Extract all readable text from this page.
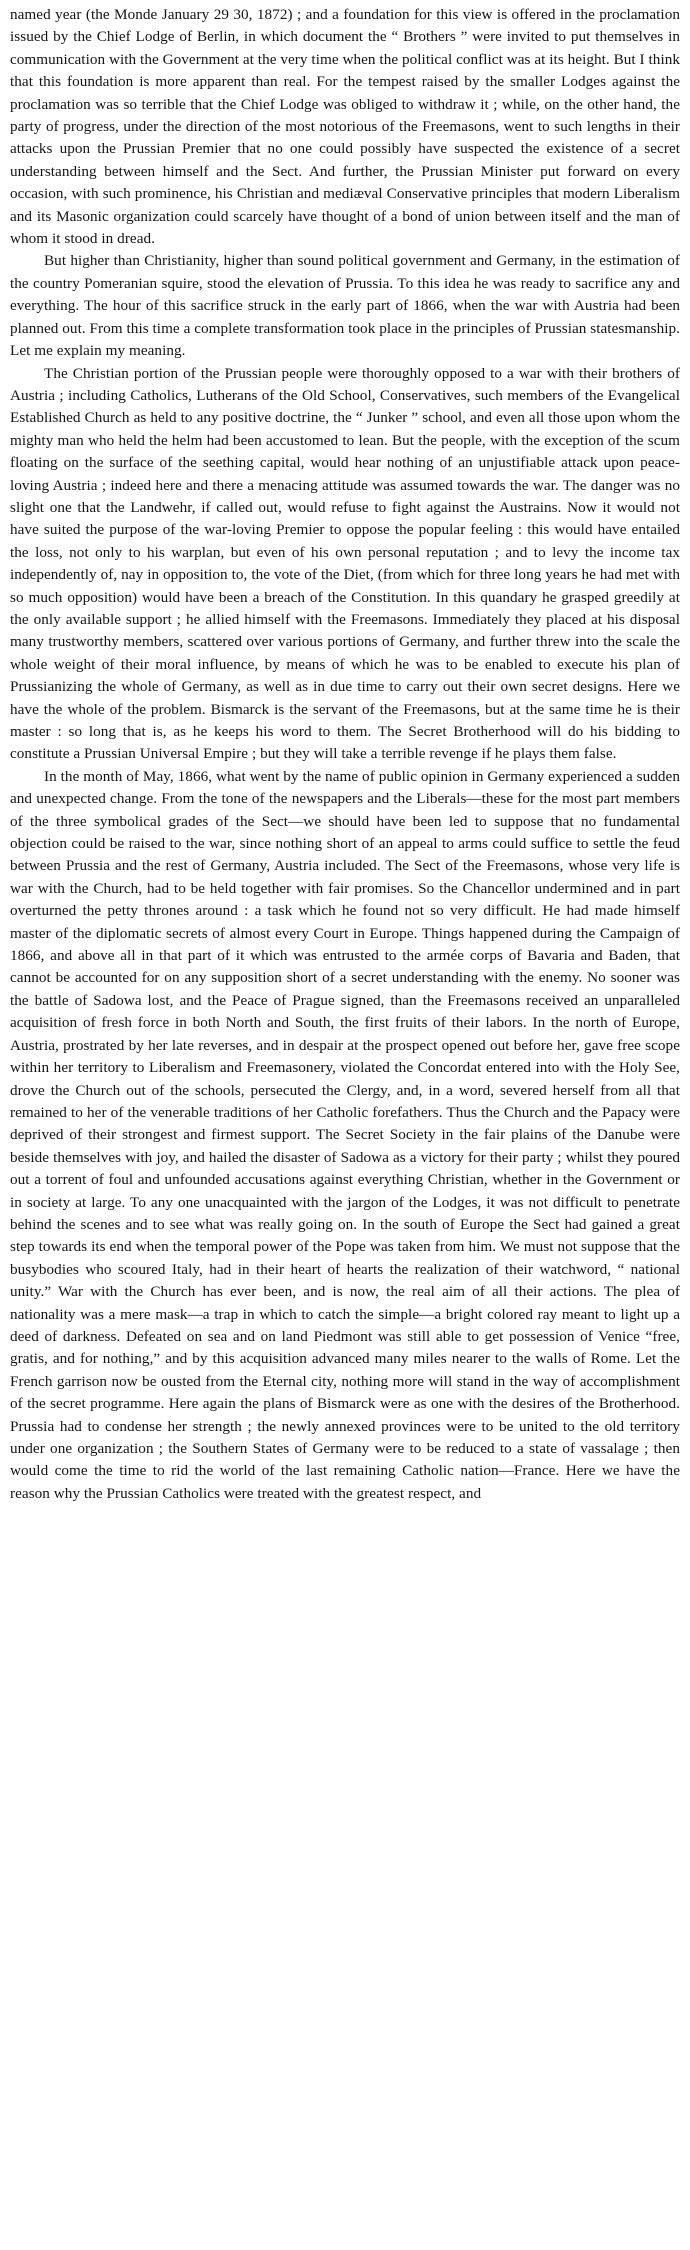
named year (the Monde January 29 30, 1872) ; and a foundation for this view is offered in the proclamation issued by the Chief Lodge of Berlin, in which document the “ Brothers ” were invited to put themselves in communication with the Government at the very time when the political conflict was at its height. But I think that this foundation is more apparent than real. For the tempest raised by the smaller Lodges against the proclamation was so terrible that the Chief Lodge was obliged to withdraw it ; while, on the other hand, the party of progress, under the direction of the most notorious of the Freemasons, went to such lengths in their attacks upon the Prussian Premier that no one could possibly have suspected the existence of a secret understanding between himself and the Sect. And further, the Prussian Minister put forward on every occasion, with such prominence, his Christian and mediæval Conservative principles that modern Liberalism and its Masonic organization could scarcely have thought of a bond of union between itself and the man of whom it stood in dread.

But higher than Christianity, higher than sound political government and Germany, in the estimation of the country Pomeranian squire, stood the elevation of Prussia. To this idea he was ready to sacrifice any and everything. The hour of this sacrifice struck in the early part of 1866, when the war with Austria had been planned out. From this time a complete transformation took place in the principles of Prussian statesmanship. Let me explain my meaning.

The Christian portion of the Prussian people were thoroughly opposed to a war with their brothers of Austria ; including Catholics, Lutherans of the Old School, Conservatives, such members of the Evangelical Established Church as held to any positive doctrine, the “ Junker ” school, and even all those upon whom the mighty man who held the helm had been accustomed to lean. But the people, with the exception of the scum floating on the surface of the seething capital, would hear nothing of an unjustifiable attack upon peace-loving Austria ; indeed here and there a menacing attitude was assumed towards the war. The danger was no slight one that the Landwehr, if called out, would refuse to fight against the Austrains. Now it would not have suited the purpose of the war-loving Premier to oppose the popular feeling : this would have entailed the loss, not only to his warplan, but even of his own personal reputation ; and to levy the income tax independently of, nay in opposition to, the vote of the Diet, (from which for three long years he had met with so much opposition) would have been a breach of the Constitution. In this quandary he grasped greedily at the only available support ; he allied himself with the Freemasons. Immediately they placed at his disposal many trustworthy members, scattered over various portions of Germany, and further threw into the scale the whole weight of their moral influence, by means of which he was to be enabled to execute his plan of Prussianizing the whole of Germany, as well as in due time to carry out their own secret designs. Here we have the whole of the problem. Bismarck is the servant of the Freemasons, but at the same time he is their master : so long that is, as he keeps his word to them. The Secret Brotherhood will do his bidding to constitute a Prussian Universal Empire ; but they will take a terrible revenge if he plays them false.

In the month of May, 1866, what went by the name of public opinion in Germany experienced a sudden and unexpected change. From the tone of the newspapers and the Liberals—these for the most part members of the three symbolical grades of the Sect—we should have been led to suppose that no fundamental objection could be raised to the war, since nothing short of an appeal to arms could suffice to settle the feud between Prussia and the rest of Germany, Austria included. The Sect of the Freemasons, whose very life is war with the Church, had to be held together with fair promises. So the Chancellor undermined and in part overturned the petty thrones around : a task which he found not so very difficult. He had made himself master of the diplomatic secrets of almost every Court in Europe. Things happened during the Campaign of 1866, and above all in that part of it which was entrusted to the armée corps of Bavaria and Baden, that cannot be accounted for on any supposition short of a secret understanding with the enemy. No sooner was the battle of Sadowa lost, and the Peace of Prague signed, than the Freemasons received an unparalleled acquisition of fresh force in both North and South, the first fruits of their labors. In the north of Europe, Austria, prostrated by her late reverses, and in despair at the prospect opened out before her, gave free scope within her territory to Liberalism and Freemasonery, violated the Concordat entered into with the Holy See, drove the Church out of the schools, persecuted the Clergy, and, in a word, severed herself from all that remained to her of the venerable traditions of her Catholic forefathers. Thus the Church and the Papacy were deprived of their strongest and firmest support. The Secret Society in the fair plains of the Danube were beside themselves with joy, and hailed the disaster of Sadowa as a victory for their party ; whilst they poured out a torrent of foul and unfounded accusations against everything Christian, whether in the Government or in society at large. To any one unacquainted with the jargon of the Lodges, it was not difficult to penetrate behind the scenes and to see what was really going on. In the south of Europe the Sect had gained a great step towards its end when the temporal power of the Pope was taken from him. We must not suppose that the busybodies who scoured Italy, had in their heart of hearts the realization of their watchword, “ national unity.” War with the Church has ever been, and is now, the real aim of all their actions. The plea of nationality was a mere mask—a trap in which to catch the simple—a bright colored ray meant to light up a deed of darkness. Defeated on sea and on land Piedmont was still able to get possession of Venice “free, gratis, and for nothing,” and by this acquisition advanced many miles nearer to the walls of Rome. Let the French garrison now be ousted from the Eternal city, nothing more will stand in the way of accomplishment of the secret programme. Here again the plans of Bismarck were as one with the desires of the Brotherhood. Prussia had to condense her strength ; the newly annexed provinces were to be united to the old territory under one organization ; the Southern States of Germany were to be reduced to a state of vassalage ; then would come the time to rid the world of the last remaining Catholic nation—France. Here we have the reason why the Prussian Catholics were treated with the greatest respect, and
